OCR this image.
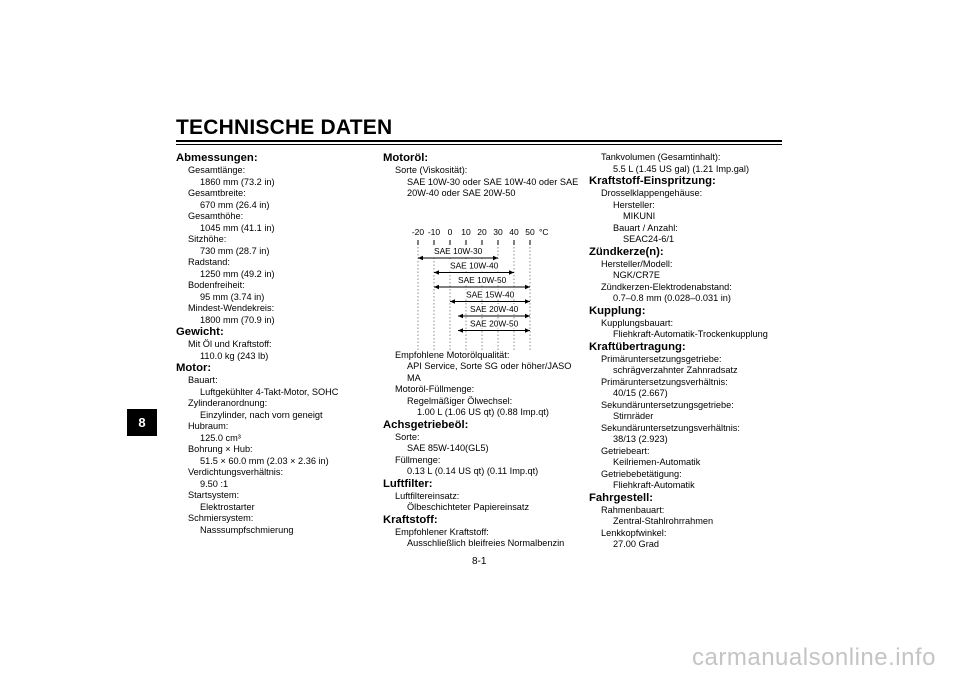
TECHNISCHE DATEN
8
Abmessungen:
Gesamtlänge:
1860 mm (73.2 in)
Gesamtbreite:
670 mm (26.4 in)
Gesamthöhe:
1045 mm (41.1 in)
Sitzhöhe:
730 mm (28.7 in)
Radstand:
1250 mm (49.2 in)
Bodenfreiheit:
95 mm (3.74 in)
Mindest-Wendekreis:
1800 mm (70.9 in)
Gewicht:
Mit Öl und Kraftstoff:
110.0 kg (243 lb)
Motor:
Bauart:
Luftgekühlter 4-Takt-Motor, SOHC
Zylinderanordnung:
Einzylinder, nach vorn geneigt
Hubraum:
125.0 cm³
Bohrung × Hub:
51.5 × 60.0 mm (2.03 × 2.36 in)
Verdichtungsverhältnis:
9.50 :1
Startsystem:
Elektrostarter
Schmiersystem:
Nasssumpfschmierung
Motoröl:
Sorte (Viskosität):
SAE 10W-30 oder SAE 10W-40 oder SAE
20W-40 oder SAE 20W-50
-20 -10 0 10 20 30 40 50 °C
SAE 10W-30
SAE 10W-40
SAE 10W-50
SAE 15W-40
SAE 20W-40
SAE 20W-50
Empfohlene Motorölqualität:
API Service, Sorte SG oder höher/JASO
MA
Motoröl-Füllmenge:
Regelmäßiger Ölwechsel:
1.00 L (1.06 US qt) (0.88 Imp.qt)
Achsgetriebeöl:
Sorte:
SAE 85W-140(GL5)
Füllmenge:
0.13 L (0.14 US qt) (0.11 Imp.qt)
Luftfilter:
Luftfiltereinsatz:
Ölbeschichteter Papiereinsatz
Kraftstoff:
Empfohlener Kraftstoff:
Ausschließlich bleifreies Normalbenzin
Tankvolumen (Gesamtinhalt):
5.5 L (1.45 US gal) (1.21 Imp.gal)
Kraftstoff-Einspritzung:
Drosselklappengehäuse:
Hersteller:
MIKUNI
Bauart / Anzahl:
SEAC24-6/1
Zündkerze(n):
Hersteller/Modell:
NGK/CR7E
Zündkerzen-Elektrodenabstand:
0.7–0.8 mm (0.028–0.031 in)
Kupplung:
Kupplungsbauart:
Fliehkraft-Automatik-Trockenkupplung
Kraftübertragung:
Primäruntersetzungsgetriebe:
schrägverzahnter Zahnradsatz
Primäruntersetzungsverhältnis:
40/15 (2.667)
Sekundäruntersetzungsgetriebe:
Stirnräder
Sekundäruntersetzungsverhältnis:
38/13 (2.923)
Getriebeart:
Keilriemen-Automatik
Getriebebetätigung:
Fliehkraft-Automatik
Fahrgestell:
Rahmenbauart:
Zentral-Stahlrohrrahmen
Lenkkopfwinkel:
27.00 Grad
8-1
carmanualsonline.info
